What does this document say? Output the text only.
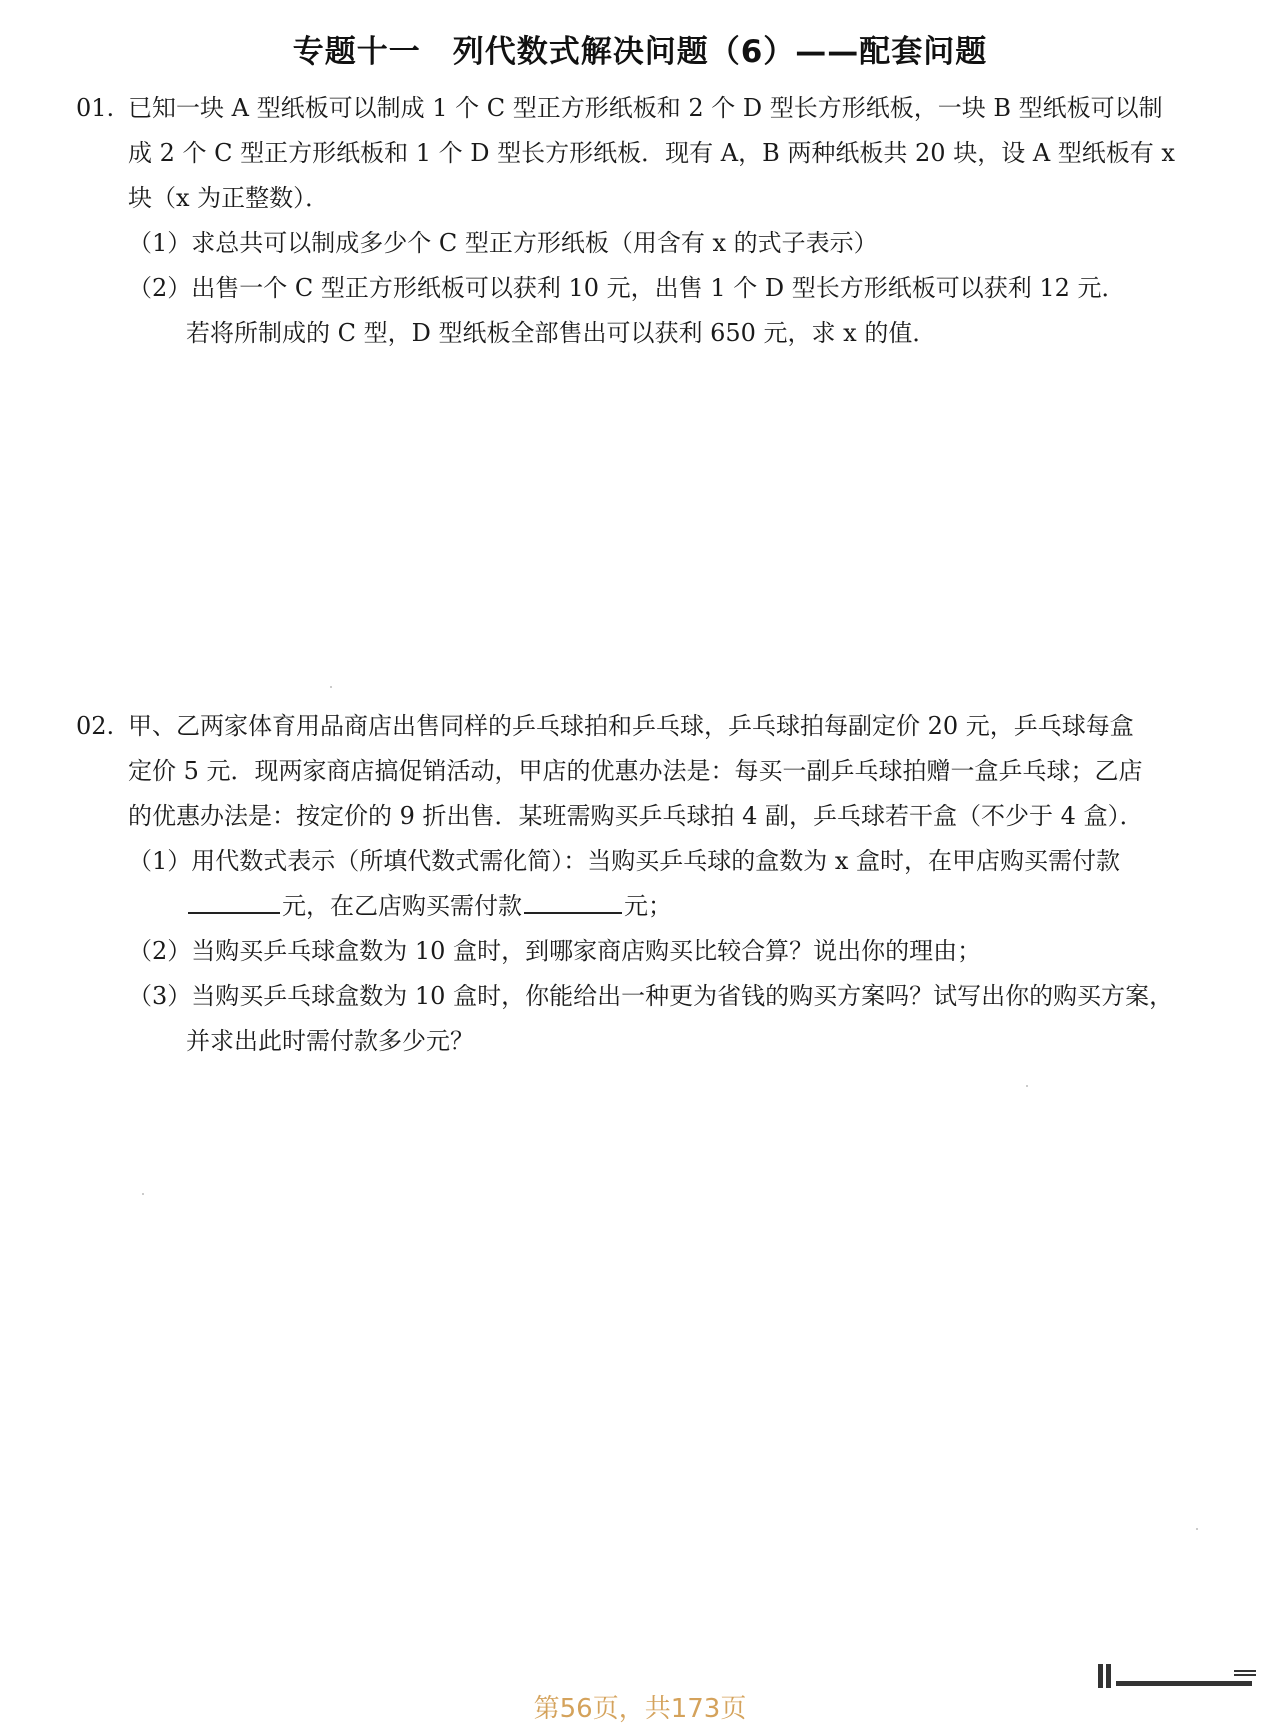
专题十一　列代数式解决问题（6）——配套问题
01. 已知一块 A 型纸板可以制成 1 个 C 型正方形纸板和 2 个 D 型长方形纸板，一块 B 型纸板可以制
成 2 个 C 型正方形纸板和 1 个 D 型长方形纸板．现有 A，B 两种纸板共 20 块，设 A 型纸板有 x
块（x 为正整数）．
（1）求总共可以制成多少个 C 型正方形纸板（用含有 x 的式子表示）
（2）出售一个 C 型正方形纸板可以获利 10 元，出售 1 个 D 型长方形纸板可以获利 12 元．
若将所制成的 C 型，D 型纸板全部售出可以获利 650 元，求 x 的值．
02. 甲、乙两家体育用品商店出售同样的乒乓球拍和乒乓球，乒乓球拍每副定价 20 元，乒乓球每盒
定价 5 元．现两家商店搞促销活动，甲店的优惠办法是：每买一副乒乓球拍赠一盒乒乓球；乙店
的优惠办法是：按定价的 9 折出售．某班需购买乒乓球拍 4 副，乒乓球若干盒（不少于 4 盒）．
（1）用代数式表示（所填代数式需化简）：当购买乒乓球的盒数为 x 盒时，在甲店购买需付款
元，在乙店购买需付款	元；
（2）当购买乒乓球盒数为 10 盒时，到哪家商店购买比较合算？说出你的理由；
（3）当购买乒乓球盒数为 10 盒时，你能给出一种更为省钱的购买方案吗？试写出你的购买方案，
并求出此时需付款多少元？
第56页，共173页
